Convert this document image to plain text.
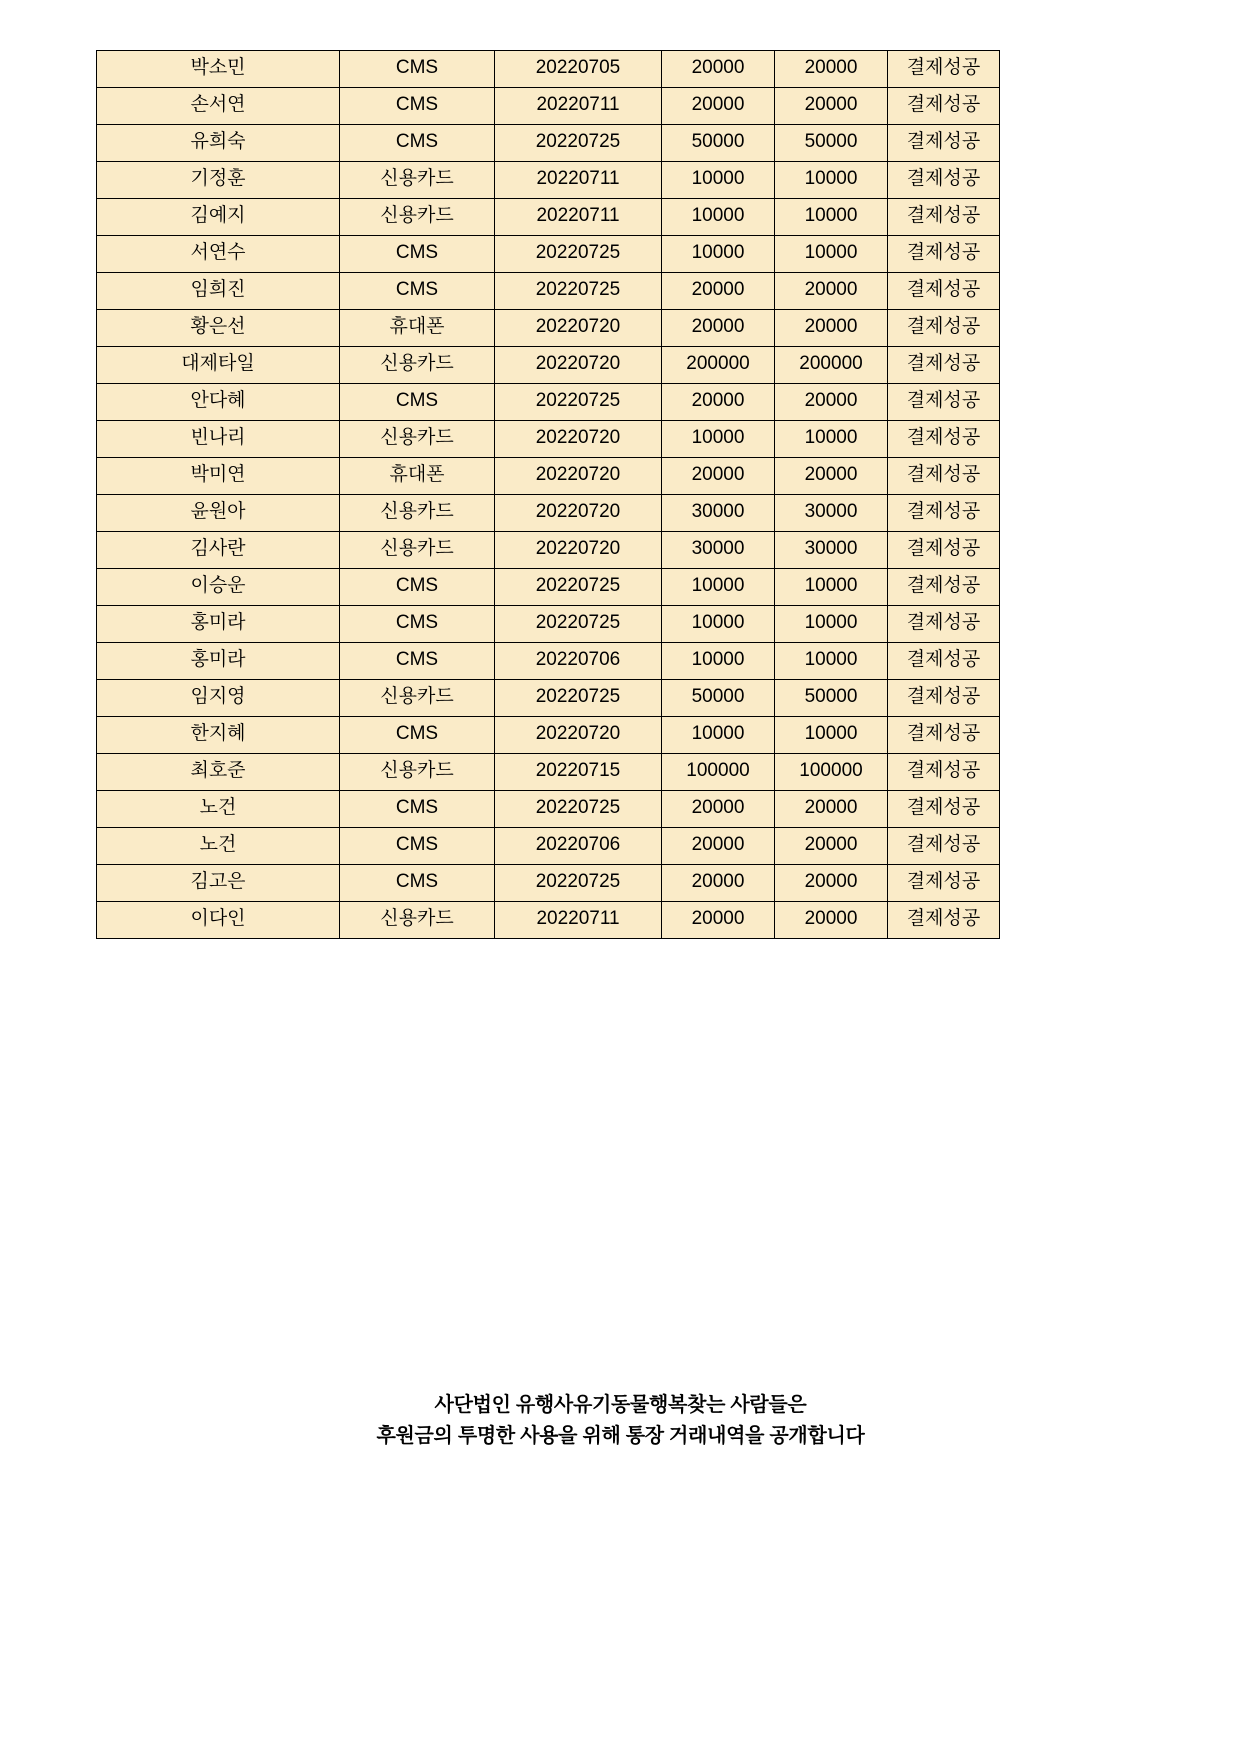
박소민	CMS	20220705	20000	20000	결제성공
손서연	CMS	20220711	20000	20000	결제성공
유희숙	CMS	20220725	50000	50000	결제성공
기정훈	신용카드	20220711	10000	10000	결제성공
김예지	신용카드	20220711	10000	10000	결제성공
서연수	CMS	20220725	10000	10000	결제성공
임희진	CMS	20220725	20000	20000	결제성공
황은선	휴대폰	20220720	20000	20000	결제성공
대제타일	신용카드	20220720	200000	200000	결제성공
안다혜	CMS	20220725	20000	20000	결제성공
빈나리	신용카드	20220720	10000	10000	결제성공
박미연	휴대폰	20220720	20000	20000	결제성공
윤원아	신용카드	20220720	30000	30000	결제성공
김사란	신용카드	20220720	30000	30000	결제성공
이승운	CMS	20220725	10000	10000	결제성공
홍미라	CMS	20220725	10000	10000	결제성공
홍미라	CMS	20220706	10000	10000	결제성공
임지영	신용카드	20220725	50000	50000	결제성공
한지혜	CMS	20220720	10000	10000	결제성공
최호준	신용카드	20220715	100000	100000	결제성공
노건	CMS	20220725	20000	20000	결제성공
노건	CMS	20220706	20000	20000	결제성공
김고은	CMS	20220725	20000	20000	결제성공
이다인	신용카드	20220711	20000	20000	결제성공
사단법인 유행사유기동물행복찾는 사람들은
후원금의 투명한 사용을 위해 통장 거래내역을 공개합니다
